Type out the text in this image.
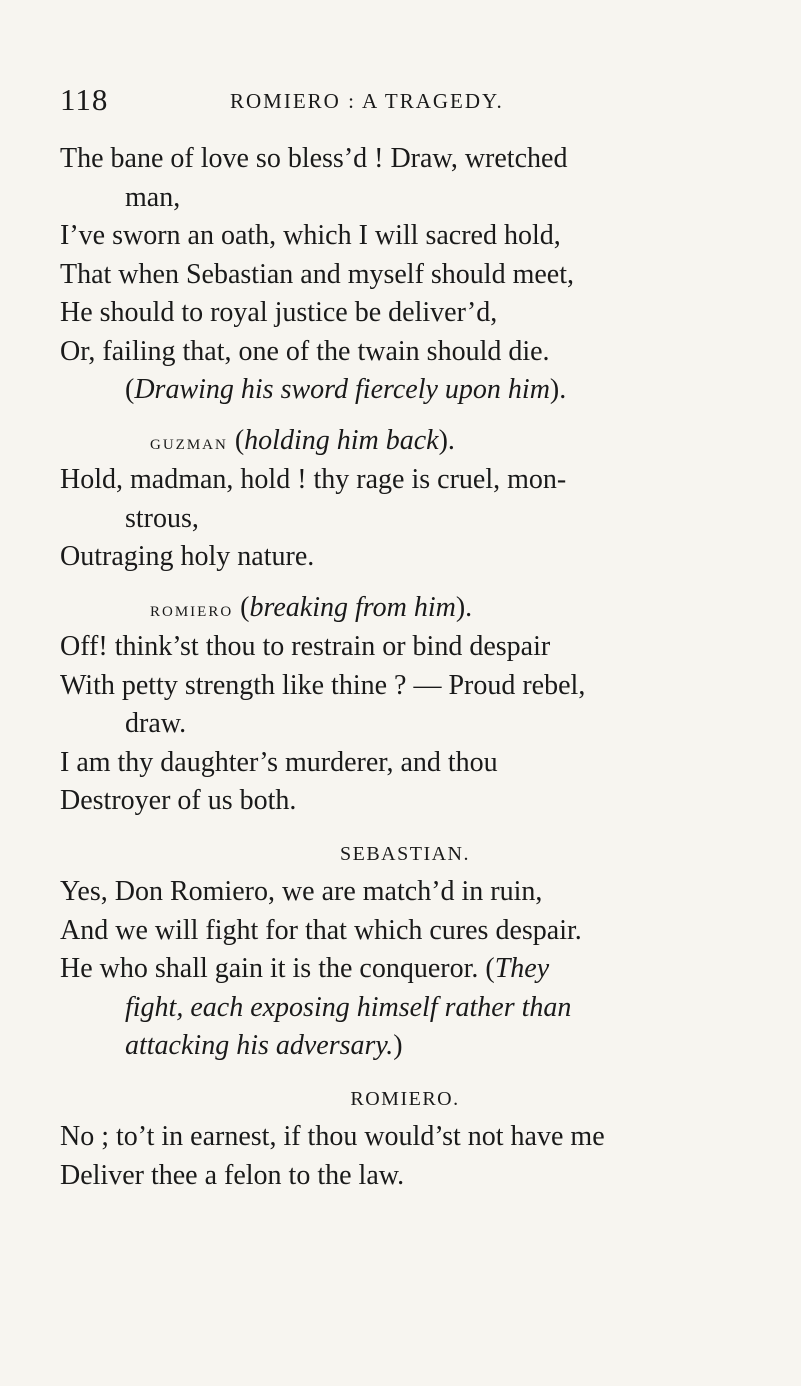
118	ROMIERO : A TRAGEDY.
The bane of love so bless’d ! Draw, wretched
man,
I’ve sworn an oath, which I will sacred hold,
That when Sebastian and myself should meet,
He should to royal justice be deliver’d,
Or, failing that, one of the twain should die.
(Drawing his sword fiercely upon him).
guzman (holding him back).
Hold, madman, hold ! thy rage is cruel, mon-
strous,
Outraging holy nature.
romiero (breaking from him).
Off! think’st thou to restrain or bind despair
With petty strength like thine ? — Proud rebel,
draw.
I am thy daughter’s murderer, and thou
Destroyer of us both.
SEBASTIAN.
Yes, Don Romiero, we are match’d in ruin,
And we will fight for that which cures despair.
He who shall gain it is the conqueror. (They
fight, each exposing himself rather than
attacking his adversary.)
ROMIERO.
No ; to’t in earnest, if thou would’st not have me
Deliver thee a felon to the law.
